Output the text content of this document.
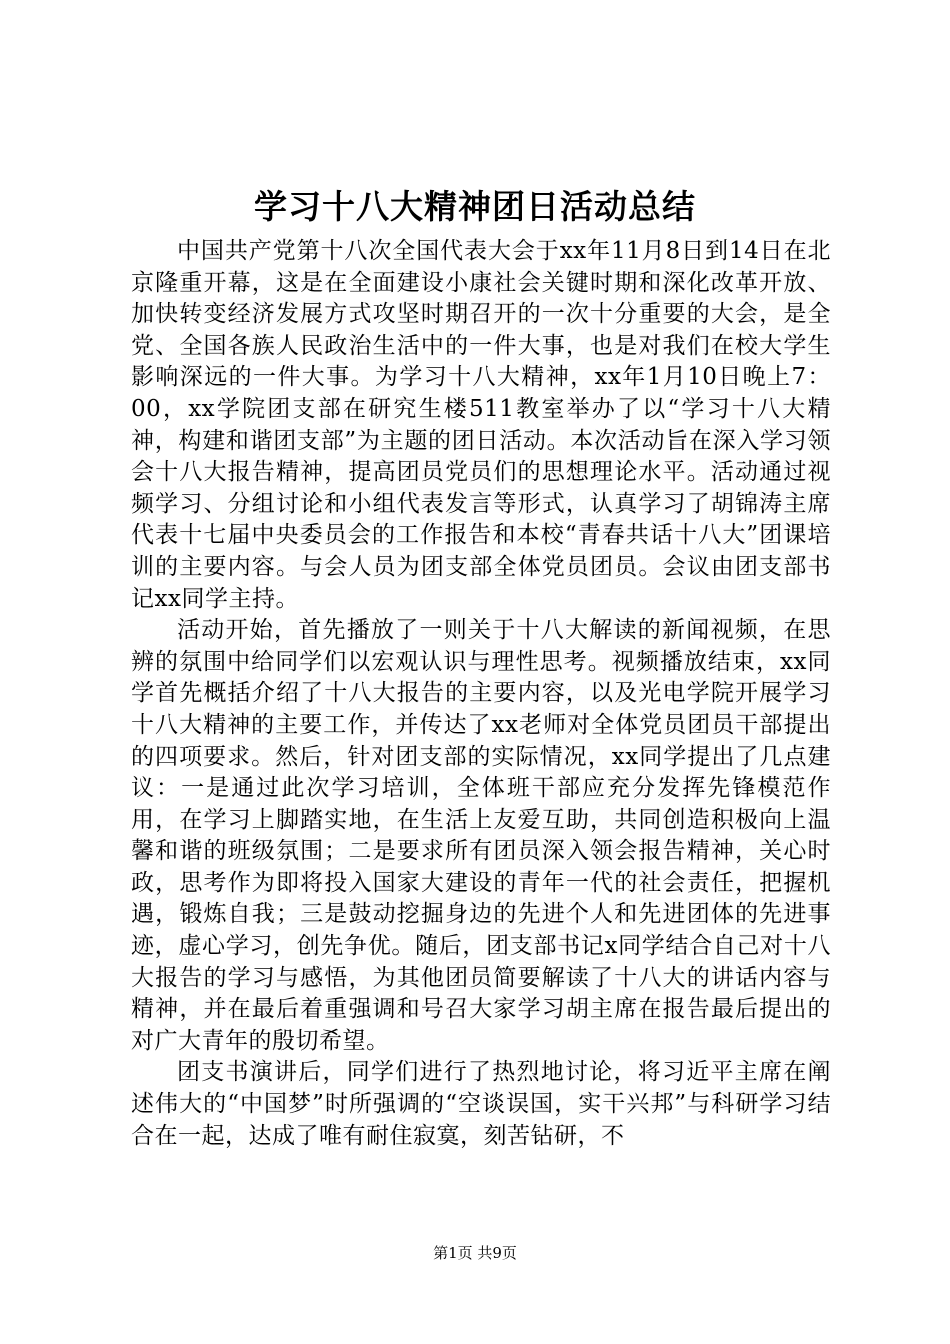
学习十八大精神团日活动总结

中国共产党第十八次全国代表大会于xx年11月8日到14日在北京隆重开幕，这是在全面建设小康社会关键时期和深化改革开放、加快转变经济发展方式攻坚时期召开的一次十分重要的大会，是全党、全国各族人民政治生活中的一件大事，也是对我们在校大学生影响深远的一件大事。为学习十八大精神，xx年1月10日晚上7：00，xx学院团支部在研究生楼511教室举办了以“学习十八大精神，构建和谐团支部”为主题的团日活动。本次活动旨在深入学习领会十八大报告精神，提高团员党员们的思想理论水平。活动通过视频学习、分组讨论和小组代表发言等形式，认真学习了胡锦涛主席代表十七届中央委员会的工作报告和本校“青春共话十八大”团课培训的主要内容。与会人员为团支部全体党员团员。会议由团支部书记xx同学主持。

活动开始，首先播放了一则关于十八大解读的新闻视频，在思辨的氛围中给同学们以宏观认识与理性思考。视频播放结束，xx同学首先概括介绍了十八大报告的主要内容，以及光电学院开展学习十八大精神的主要工作，并传达了xx老师对全体党员团员干部提出的四项要求。然后，针对团支部的实际情况，xx同学提出了几点建议：一是通过此次学习培训，全体班干部应充分发挥先锋模范作用，在学习上脚踏实地，在生活上友爱互助，共同创造积极向上温馨和谐的班级氛围；二是要求所有团员深入领会报告精神，关心时政，思考作为即将投入国家大建设的青年一代的社会责任，把握机遇，锻炼自我；三是鼓动挖掘身边的先进个人和先进团体的先进事迹，虚心学习，创先争优。随后，团支部书记x同学结合自己对十八大报告的学习与感悟，为其他团员简要解读了十八大的讲话内容与精神，并在最后着重强调和号召大家学习胡主席在报告最后提出的对广大青年的殷切希望。

团支书演讲后，同学们进行了热烈地讨论，将习近平主席在阐述伟大的“中国梦”时所强调的“空谈误国，实干兴邦”与科研学习结合在一起，达成了唯有耐住寂寞，刻苦钻研，不

第1页 共9页
